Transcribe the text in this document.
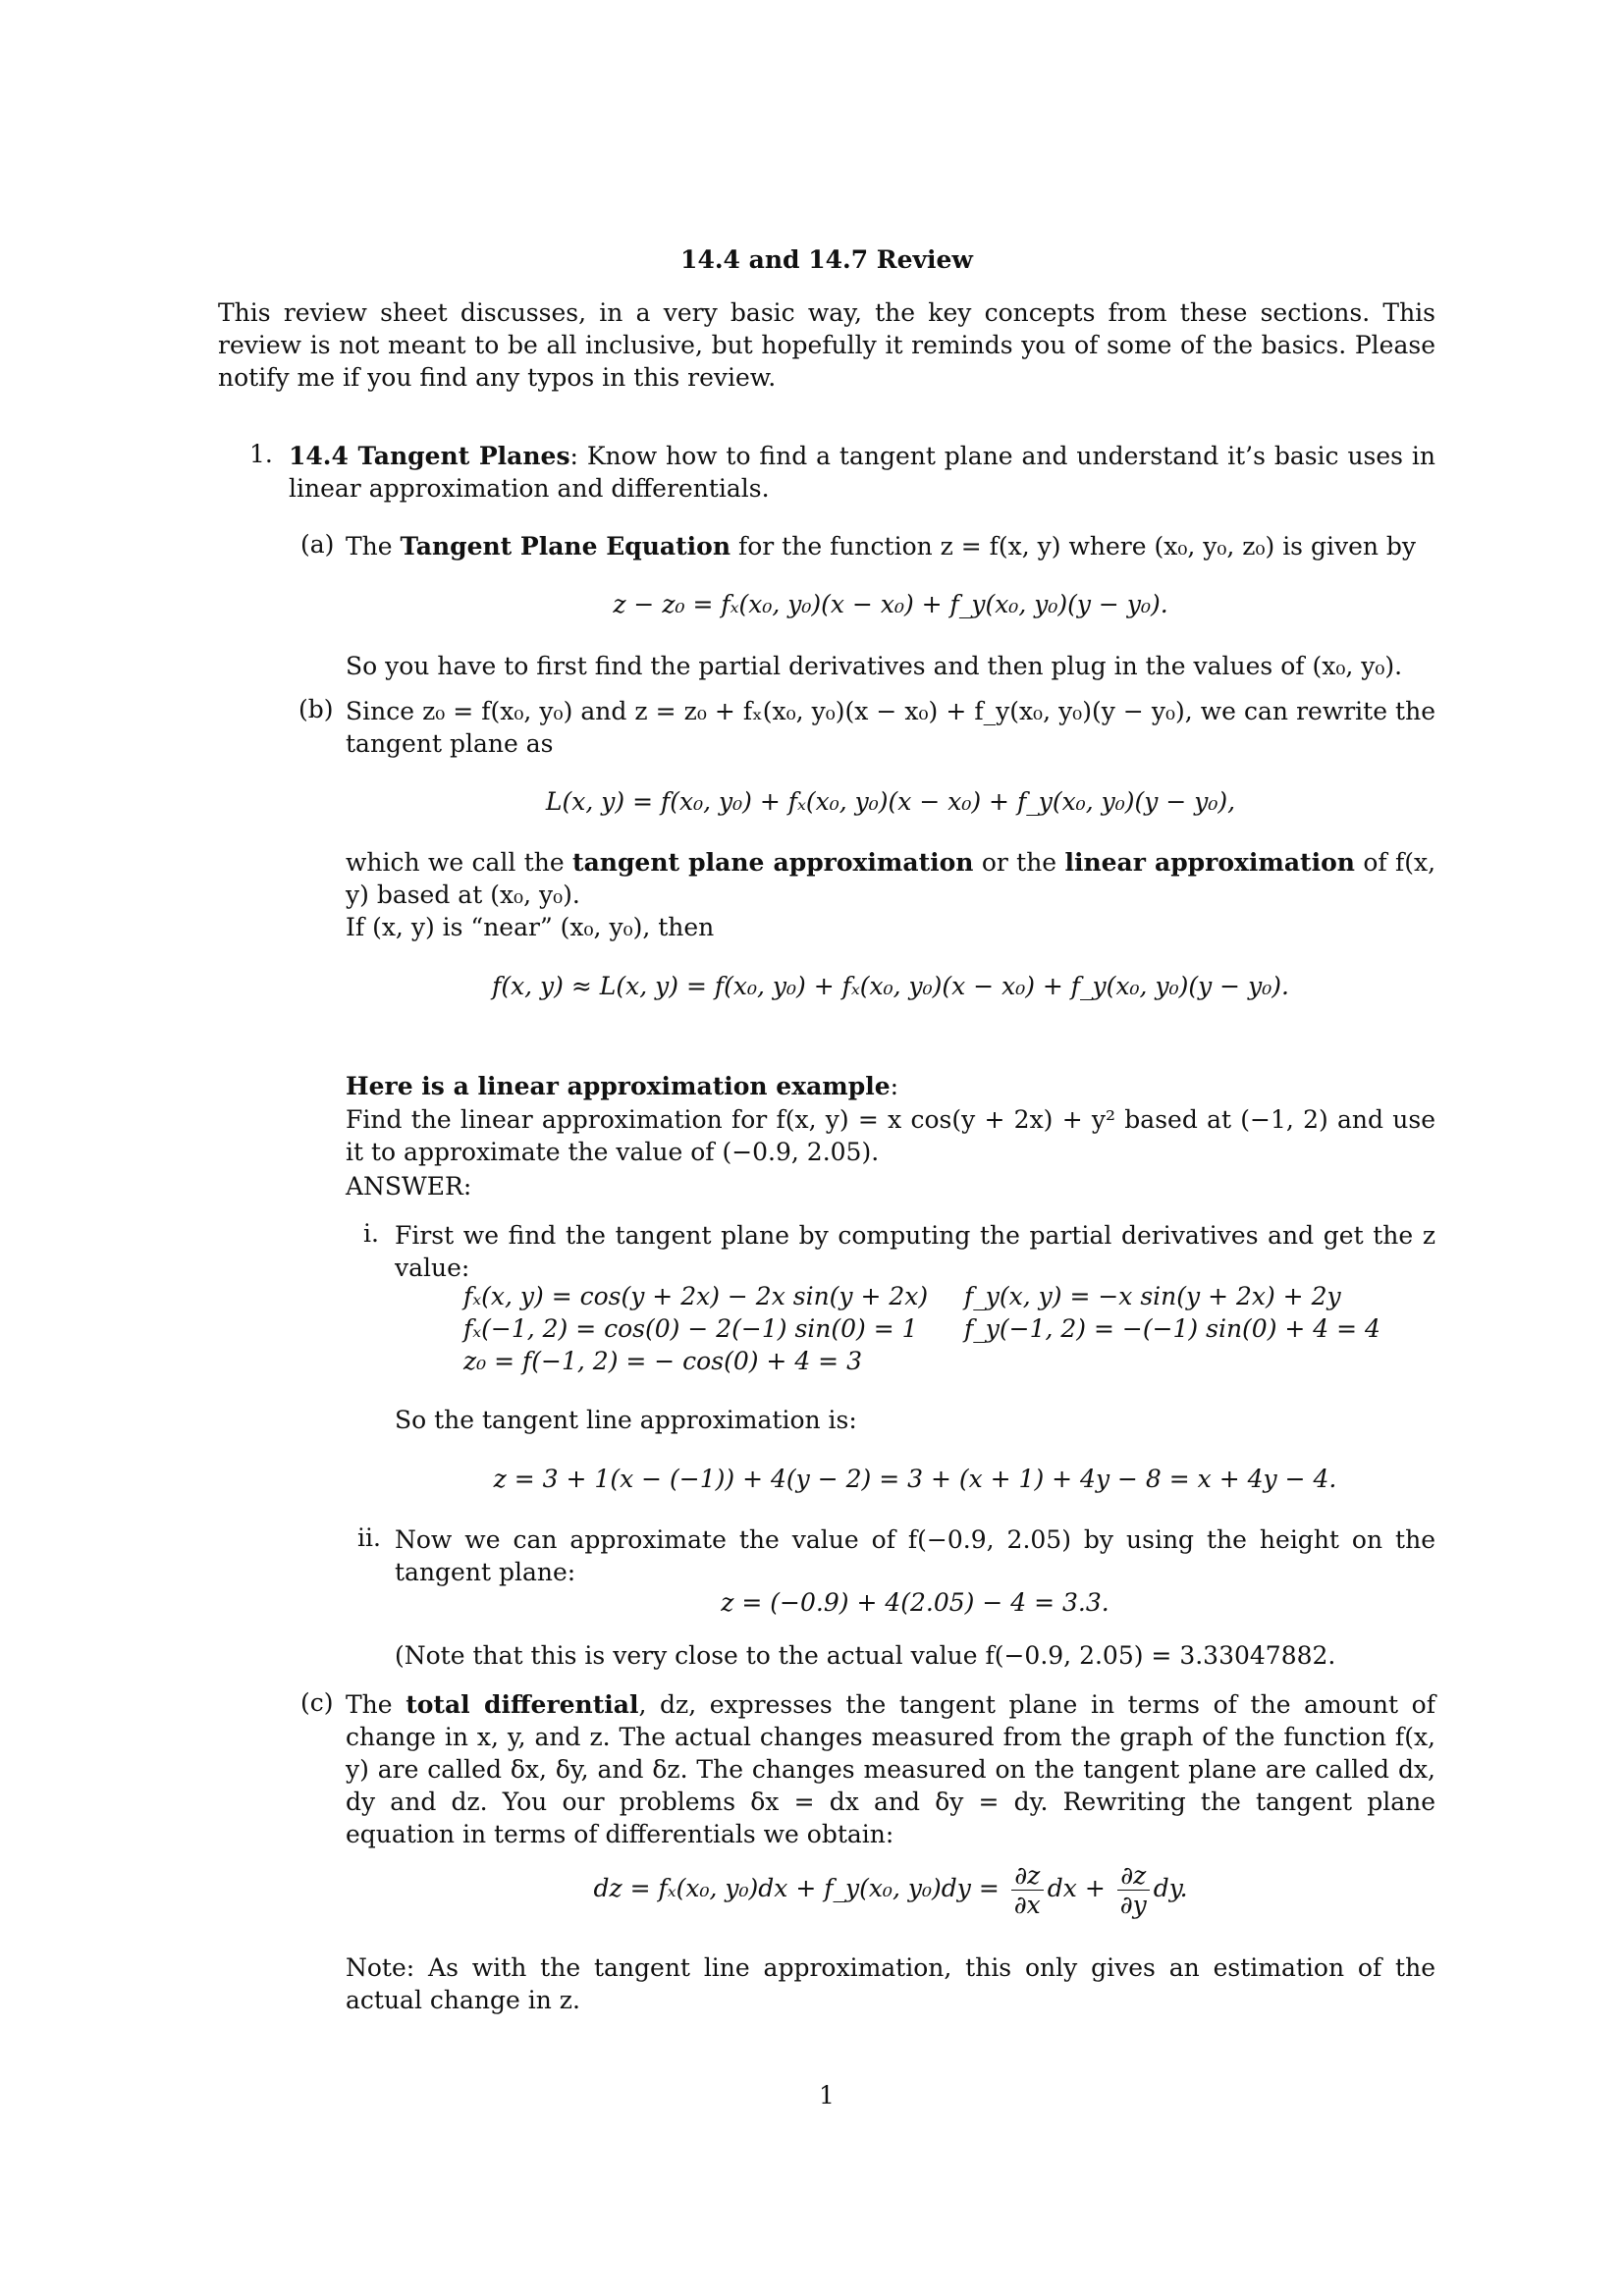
14.4 and 14.7 Review
This review sheet discusses, in a very basic way, the key concepts from these sections. This review is not meant to be all inclusive, but hopefully it reminds you of some of the basics. Please notify me if you find any typos in this review.
1. 14.4 Tangent Planes: Know how to find a tangent plane and understand it’s basic uses in linear approximation and differentials.
(a) The Tangent Plane Equation for the function z = f(x, y) where (x₀, y₀, z₀) is given by
z − z₀ = fₓ(x₀, y₀)(x − x₀) + f_y(x₀, y₀)(y − y₀).
So you have to first find the partial derivatives and then plug in the values of (x₀, y₀).
(b) Since z₀ = f(x₀, y₀) and z = z₀ + fₓ(x₀, y₀)(x − x₀) + f_y(x₀, y₀)(y − y₀), we can rewrite the tangent plane as
L(x, y) = f(x₀, y₀) + fₓ(x₀, y₀)(x − x₀) + f_y(x₀, y₀)(y − y₀),
which we call the tangent plane approximation or the linear approximation of f(x, y) based at (x₀, y₀).
If (x, y) is “near” (x₀, y₀), then
f(x, y) ≈ L(x, y) = f(x₀, y₀) + fₓ(x₀, y₀)(x − x₀) + f_y(x₀, y₀)(y − y₀).
Here is a linear approximation example:
Find the linear approximation for f(x, y) = x cos(y + 2x) + y² based at (−1, 2) and use it to approximate the value of (−0.9, 2.05).
ANSWER:
i. First we find the tangent plane by computing the partial derivatives and get the z value:
fₓ(x, y) = cos(y + 2x) − 2x sin(y + 2x)
fₓ(−1, 2) = cos(0) − 2(−1) sin(0) = 1
z₀ = f(−1, 2) = − cos(0) + 4 = 3
f_y(x, y) = −x sin(y + 2x) + 2y
f_y(−1, 2) = −(−1) sin(0) + 4 = 4
So the tangent line approximation is:
z = 3 + 1(x − (−1)) + 4(y − 2) = 3 + (x + 1) + 4y − 8 = x + 4y − 4.
ii. Now we can approximate the value of f(−0.9, 2.05) by using the height on the tangent plane:
z = (−0.9) + 4(2.05) − 4 = 3.3.
(Note that this is very close to the actual value f(−0.9, 2.05) = 3.33047882.
(c) The total differential, dz, expresses the tangent plane in terms of the amount of change in x, y, and z. The actual changes measured from the graph of the function f(x, y) are called δx, δy, and δz. The changes measured on the tangent plane are called dx, dy and dz. You our problems δx = dx and δy = dy. Rewriting the tangent plane equation in terms of differentials we obtain:
dz = fₓ(x₀, y₀)dx + f_y(x₀, $y_0)dy = \frac{\partial z}{\partial x}$ dx + $\frac{\partial z}{\partial y}$ dy.
Note: As with the tangent line approximation, this only gives an estimation of the actual change in z.
1
